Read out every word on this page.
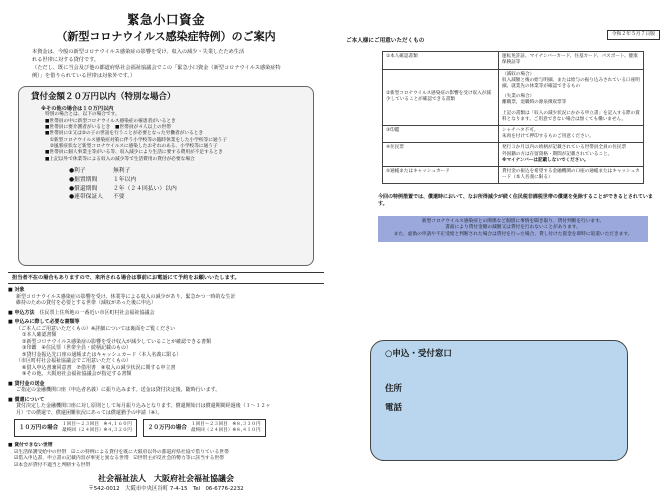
緊急小口資金
（新型コロナウイルス感染症特例）のご案内

本資金は、今般の新型コロナウイルス感染症の影響を受け、収入の減少・失業したため生活

れる世帯に対する貸付です。

（ただし、既に当会及び他の都道府県社会福祉協議会でこの「緊急小口資金（新型コロナウイルス感染症特

例）」を借りられている世帯は対象外です。）

貸付金額２０万円以内（特別な場合）
※その他の場合は１０万円以内
特別の場合とは、以下の場合です。
■世帯員の中に新型コロナウイルス感染症の罹患者がいるとき
■世帯員に要介護者がいるとき　■世帯員が４人以上の世帯
■世帯員に①又は②の子の世話を行うことが必要となった労働者がいるとき
　①新型コロナウイルス感染症対策に伴う小学校等の臨時休業をした小学校等に通う子
　②風邪症状など新型コロナウイルスに感染したおそれのある、小学校等に通う子
■世帯員に個人事業主等がいる等、収入減少により生活に要する費用が不足するとき
■上記以外で休業等による収入の減少等で生活費用の貸付が必要な場合
●利子	無利子
●据置期間	１年以内
●償還期間	２年（２４回払い）以内
●連帯保証人	不要
担当者不在の場合もありますので、来所される場合は事前にお電話にて予約をお願いいたします。
■ 対象
新型コロナウイルス感染症の影響を受け、休業等による収入の減少があり、緊急かつ一時的な生計
維持のための貸付を必要とする世帯（減収があった後に申込）
■ 申込方法　 住民票上住所地の一番近い市区町村社会福祉協議会
■ 申込みに際して必要な書類等
（ご本人にご用意いただくもの）※詳細については裏面をご覧ください
①本人確認書類
②新型コロナウイルス感染症の影響を受け収入が減少していることが確認できる書類
③印鑑　④住民票（世帯全員・続柄記載のもの）
⑤貸付金振込先口座の通帳またはキャッシュカード（本人名義に限る）
（市区町村社会福祉協議会でご用意いただくもの）
⑥借入申込書兼同意書　⑦借用書　⑧収入の減少状況に関する申立書
⑨その他、大阪府社会福祉協議会が指定する書類
■ 貸付金の送金
ご指定の金融機関口座（申込者名義）に振り込みます。送金は貸付決定後、随時行います。
■ 償還について
貸付決定した金融機関口座に対し原則として毎月振り込みとなります。償還開始日は償還期間経過後（１～１２ヶ
月）での償還で、償還困難状況にあっては償還猶予の申請（※）。
１０万円の場合 １回目～２３回目　※４,１６０円
最終回（２４回目）※４,３２０円
２０万円の場合 １回目～２３回目　※８,３３０円
最終回（２４回目）※８,４１０円
■ 貸付できない世帯
☑生活保護受給中の世帯　☑この特例による貸付を既に大阪府以外の都道府県社協で借りている世帯
☑借入申込書、申立書の記載内容が事実と異なる世帯　☑世帯主が反社会的勢力等に該当する世帯
☑本会が貸付不適当と判断する世帯
社会福祉法人　大阪府社会福祉協議会
〒542-0012　大阪市中央区谷町 7-4-15　Tel　06-6776-2232
令和２年５月７日版
ご本人様にご用意いただくもの
①本人確認書類	運転免許証、マイナンバーカード、住基カード、パスポート、健康保険証等

②新型コロナウイルス感染症の影響を受け収入が減少していることが確認できる書類	（減収の場合）
収入減額と後の給与明細、または給与の振り込みされている口座明細、就業先の休業等が確認できるもの
（失業の場合）
離職票、退職時の源泉徴収票等
上記の書類は「収入の減少状況にかかる申立書」を記入する際の資料となります。ご用意できない場合は無くても構いません。

③印鑑	シャチハタ不可。
朱肉を付けて押印するものご用意ください。

④住民票	発行３か月以内の続柄が記載されている世帯員全員の住民票
外国籍の方は在留資格・期間が記載されていること。
※マイナンバーは記載しないでください。

⑤通帳またはキャッシュカード	貸付金の振込を希望する金融機関の口座の通帳またはキャッシュカード（本人名義に限る）
今回の特例措置では、償還時において、なお所得減少が続く住民税非課税世帯の償還を免除することができるとされています。
新型コロナウイルス感染症との関係など個別に事情を聞き取り、貸付判断を行います。
書面により貸付金額の減額又は貸付を行わないことがあります。
また、虚偽の申請や不正受給と判断された場合は貸付を行った場合、貸し付けた資金を即時に返還いただきます。
○申込・受付窓口
住所
電話
